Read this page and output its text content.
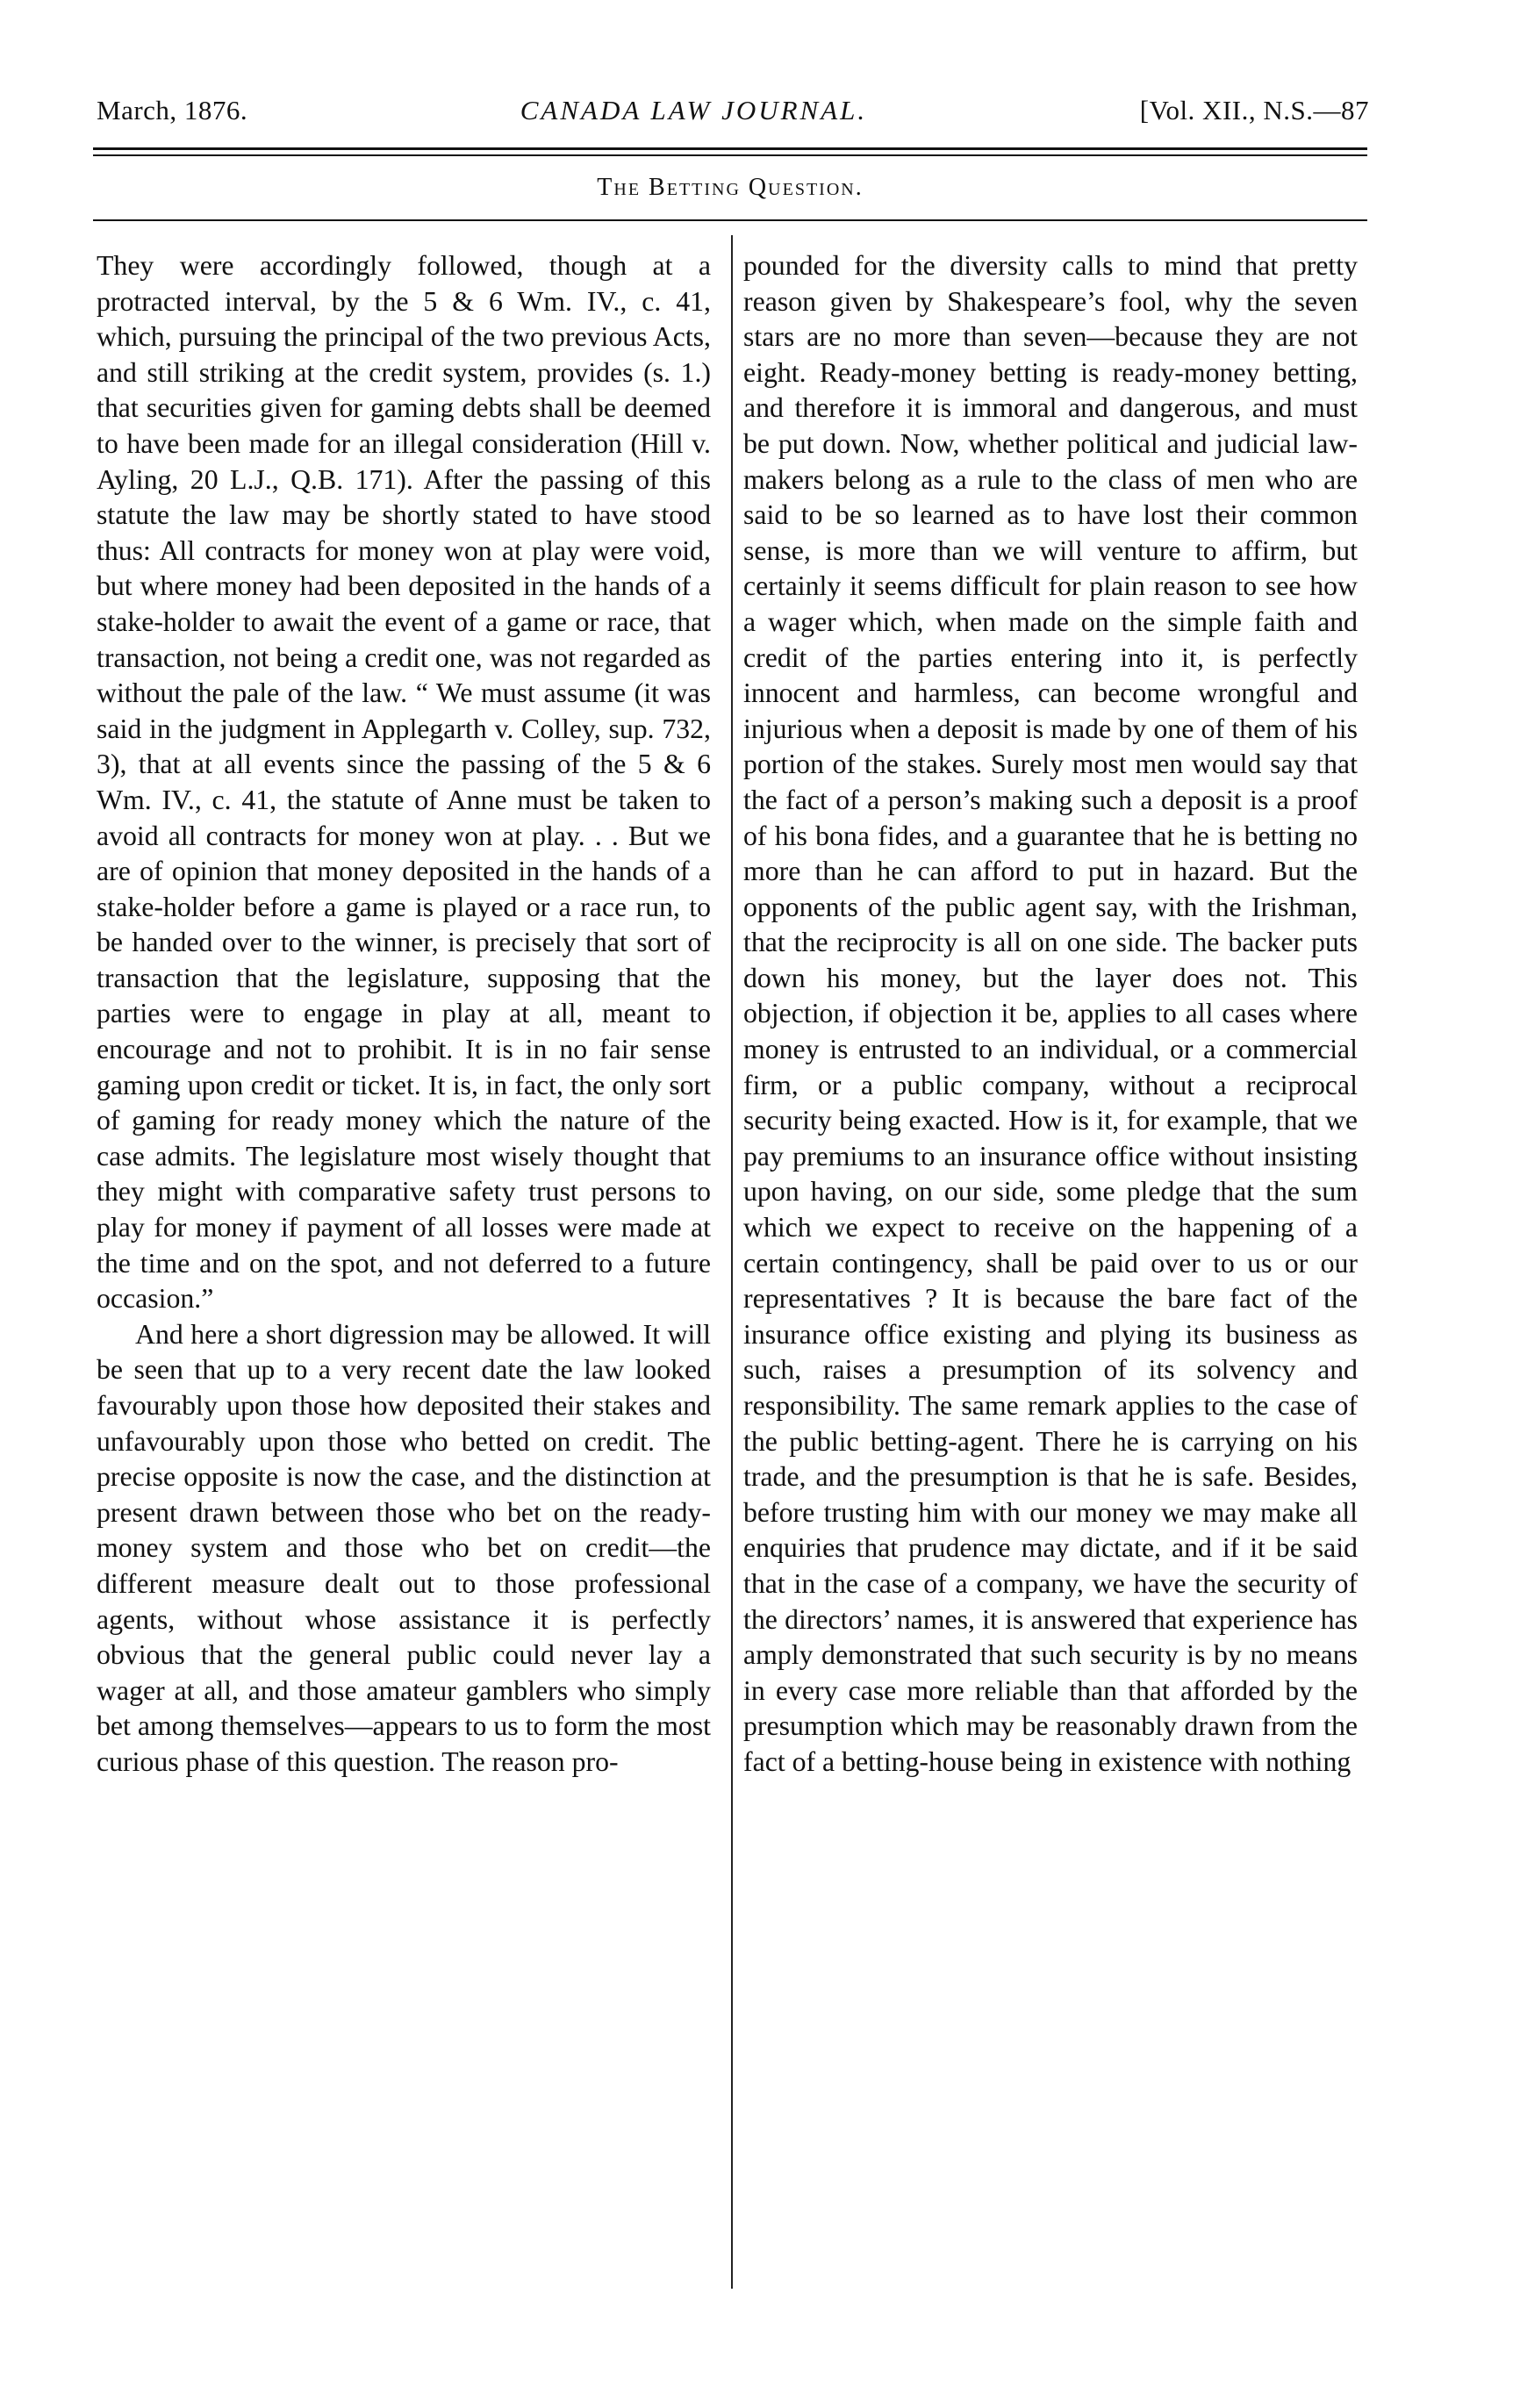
March, 1876.	CANADA LAW JOURNAL.	[Vol. XII., N.S.—87
The Betting Question.

They were accordingly followed, though at a protracted interval, by the 5 & 6 Wm. IV., c. 41, which, pursuing the principal of the two previous Acts, and still striking at the credit system, provides (s. 1.) that securities given for gaming debts shall be deemed to have been made for an illegal consideration (Hill v. Ayling, 20 L.J., Q.B. 171). After the passing of this statute the law may be shortly stated to have stood thus: All contracts for money won at play were void, but where money had been deposited in the hands of a stake-holder to await the event of a game or race, that transaction, not being a credit one, was not regarded as without the pale of the law. “ We must assume (it was said in the judgment in Applegarth v. Colley, sup. 732, 3), that at all events since the passing of the 5 & 6 Wm. IV., c. 41, the statute of Anne must be taken to avoid all contracts for money won at play. . . But we are of opinion that money deposited in the hands of a stake-holder before a game is played or a race run, to be handed over to the winner, is precisely that sort of transaction that the legislature, supposing that the parties were to engage in play at all, meant to encourage and not to prohibit. It is in no fair sense gaming upon credit or ticket. It is, in fact, the only sort of gaming for ready money which the nature of the case admits. The legislature most wisely thought that they might with comparative safety trust persons to play for money if payment of all losses were made at the time and on the spot, and not deferred to a future occasion.”

And here a short digression may be allowed. It will be seen that up to a very recent date the law looked favourably upon those how deposited their stakes and unfavourably upon those who betted on credit. The precise opposite is now the case, and the distinction at present drawn between those who bet on the ready-money system and those who bet on credit—the different measure dealt out to those professional agents, without whose assistance it is perfectly obvious that the general public could never lay a wager at all, and those amateur gamblers who simply bet among themselves—appears to us to form the most curious phase of this question. The reason pro-

pounded for the diversity calls to mind that pretty reason given by Shakespeare’s fool, why the seven stars are no more than seven—because they are not eight. Ready-money betting is ready-money betting, and therefore it is immoral and dangerous, and must be put down. Now, whether political and judicial law-makers belong as a rule to the class of men who are said to be so learned as to have lost their common sense, is more than we will venture to affirm, but certainly it seems difficult for plain reason to see how a wager which, when made on the simple faith and credit of the parties entering into it, is perfectly innocent and harmless, can become wrongful and injurious when a deposit is made by one of them of his portion of the stakes. Surely most men would say that the fact of a person’s making such a deposit is a proof of his bona fides, and a guarantee that he is betting no more than he can afford to put in hazard. But the opponents of the public agent say, with the Irishman, that the reciprocity is all on one side. The backer puts down his money, but the layer does not. This objection, if objection it be, applies to all cases where money is entrusted to an individual, or a commercial firm, or a public company, without a reciprocal security being exacted. How is it, for example, that we pay premiums to an insurance office without insisting upon having, on our side, some pledge that the sum which we expect to receive on the happening of a certain contingency, shall be paid over to us or our representatives ? It is because the bare fact of the insurance office existing and plying its business as such, raises a presumption of its solvency and responsibility. The same remark applies to the case of the public betting-agent. There he is carrying on his trade, and the presumption is that he is safe. Besides, before trusting him with our money we may make all enquiries that prudence may dictate, and if it be said that in the case of a company, we have the security of the directors’ names, it is answered that experience has amply demonstrated that such security is by no means in every case more reliable than that afforded by the presumption which may be reasonably drawn from the fact of a betting-house being in existence with nothing
